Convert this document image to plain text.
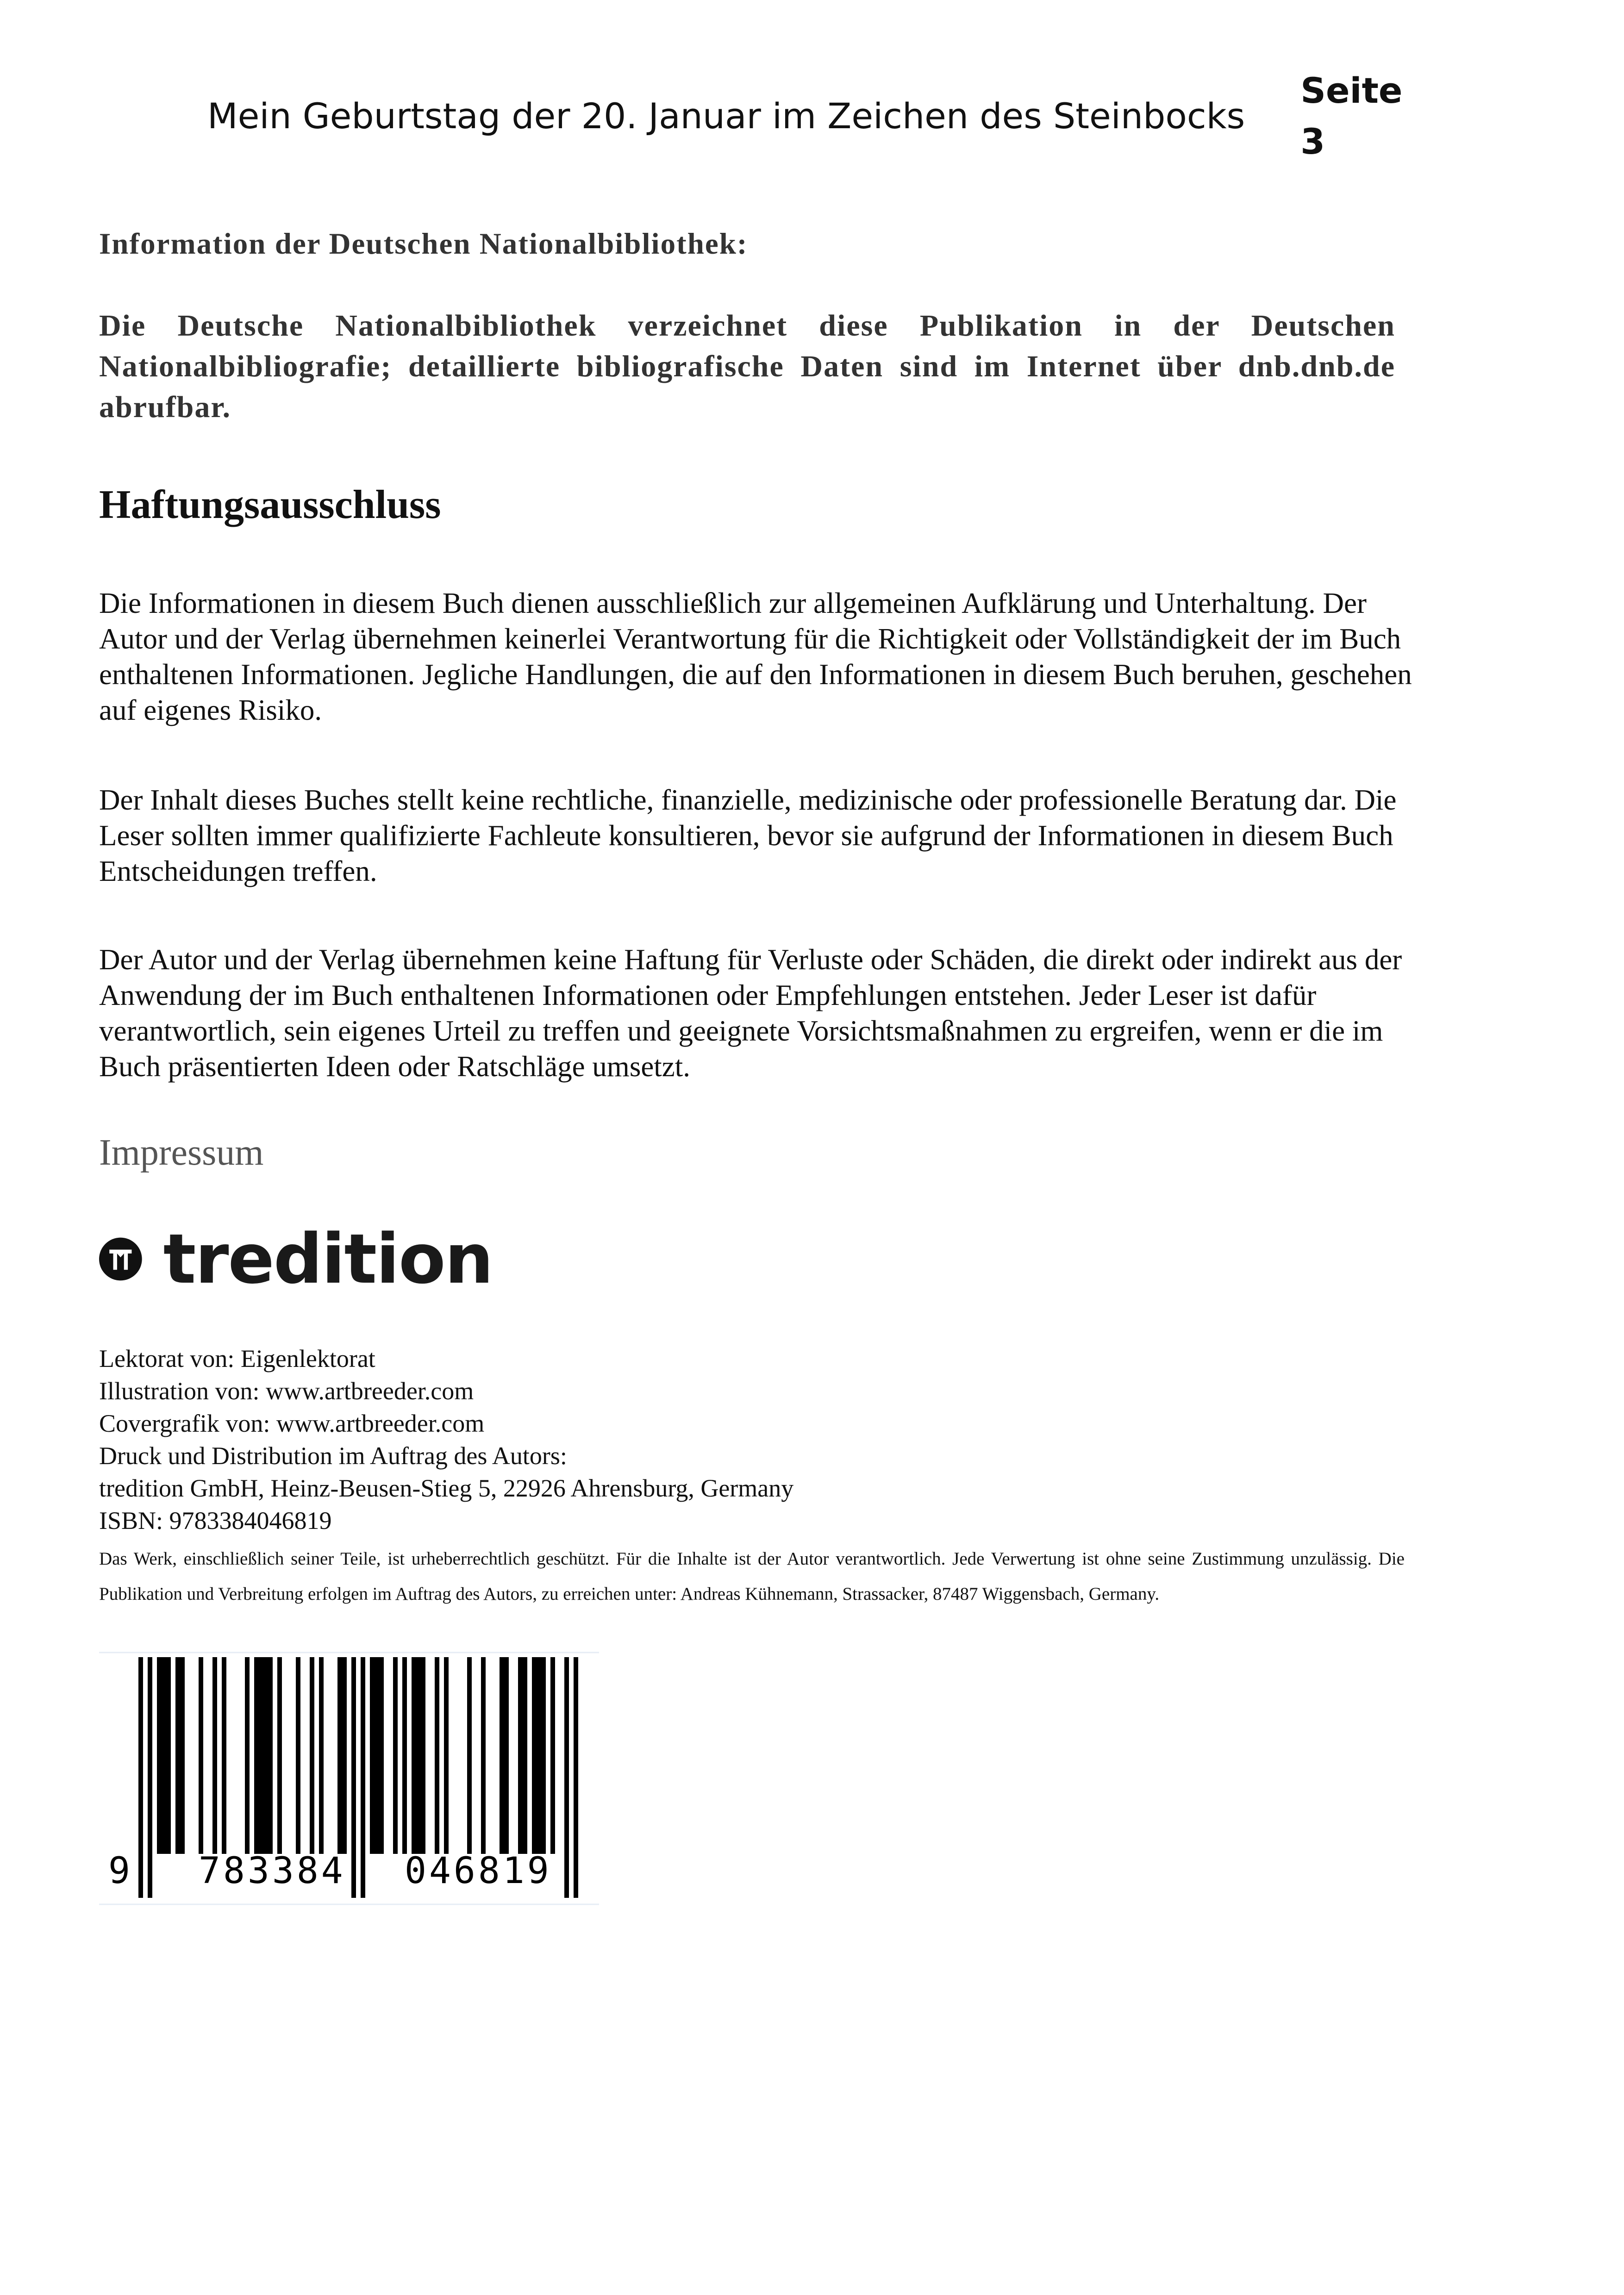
Mein Geburtstag der 20. Januar im Zeichen des Steinbocks
Seite 3
Information der Deutschen Nationalbibliothek:
Die Deutsche Nationalbibliothek verzeichnet diese Publikation in der Deutschen Nationalbibliografie; detaillierte bibliografische Daten sind im Internet über dnb.dnb.de abrufbar.
Haftungsausschluss
Die Informationen in diesem Buch dienen ausschließlich zur allgemeinen Aufklärung und Unterhaltung. Der Autor und der Verlag übernehmen keinerlei Verantwortung für die Richtigkeit oder Vollständigkeit der im Buch enthaltenen Informationen. Jegliche Handlungen, die auf den Informationen in diesem Buch beruhen, geschehen auf eigenes Risiko.
Der Inhalt dieses Buches stellt keine rechtliche, finanzielle, medizinische oder professionelle Beratung dar. Die Leser sollten immer qualifizierte Fachleute konsultieren, bevor sie aufgrund der Informationen in diesem Buch Entscheidungen treffen.
Der Autor und der Verlag übernehmen keine Haftung für Verluste oder Schäden, die direkt oder indirekt aus der Anwendung der im Buch enthaltenen Informationen oder Empfehlungen entstehen. Jeder Leser ist dafür verantwortlich, sein eigenes Urteil zu treffen und geeignete Vorsichtsmaßnahmen zu ergreifen, wenn er die im Buch präsentierten Ideen oder Ratschläge umsetzt.
Impressum
tredition
Lektorat von: Eigenlektorat
Illustration von: www.artbreeder.com
Covergrafik von: www.artbreeder.com
Druck und Distribution im Auftrag des Autors:
tredition GmbH, Heinz-Beusen-Stieg 5, 22926 Ahrensburg, Germany
ISBN: 9783384046819
Das Werk, einschließlich seiner Teile, ist urheberrechtlich geschützt. Für die Inhalte ist der Autor verantwortlich. Jede Verwertung ist ohne seine Zustimmung unzulässig. Die Publikation und Verbreitung erfolgen im Auftrag des Autors, zu erreichen unter: Andreas Kühnemann, Strassacker, 87487 Wiggensbach, Germany.
9 783384 046819
